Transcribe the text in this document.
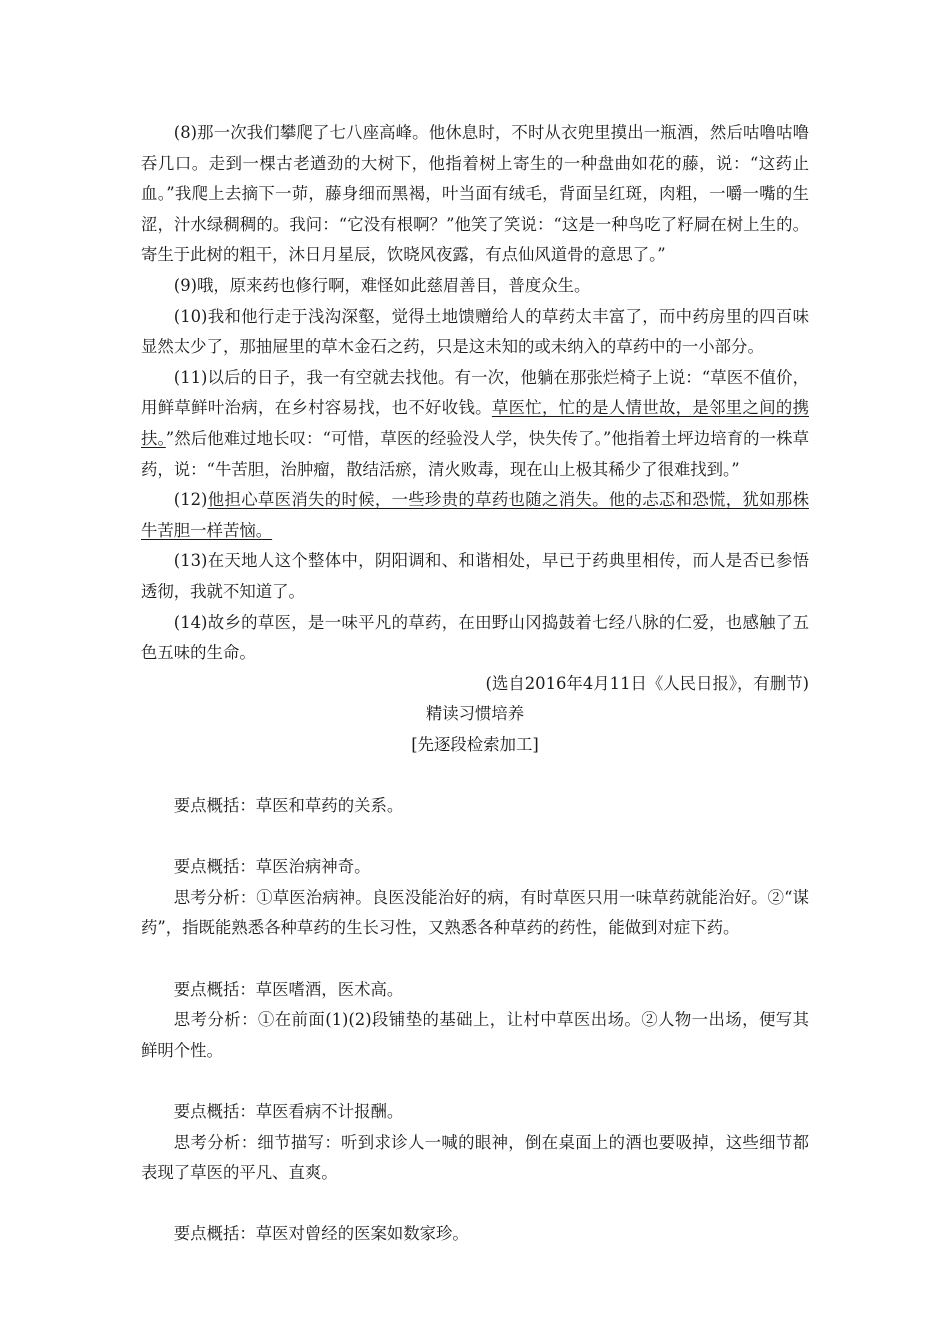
(8)那一次我们攀爬了七八座高峰。他休息时，不时从衣兜里摸出一瓶酒，然后咕噜咕噜吞几口。走到一棵古老遒劲的大树下，他指着树上寄生的一种盘曲如花的藤，说：“这药止血。”我爬上去摘下一茆，藤身细而黑褐，叶当面有绒毛，背面呈红斑，肉粗，一嚼一嘴的生涩，汁水绿稠稠的。我问：“它没有根啊？”他笑了笑说：“这是一种鸟吃了籽屙在树上生的。寄生于此树的粗干，沐日月星辰，饮晓风夜露，有点仙风道骨的意思了。”

(9)哦，原来药也修行啊，难怪如此慈眉善目，普度众生。

(10)我和他行走于浅沟深壑，觉得土地馈赠给人的草药太丰富了，而中药房里的四百味显然太少了，那抽屉里的草木金石之药，只是这未知的或未纳入的草药中的一小部分。

(11)以后的日子，我一有空就去找他。有一次，他躺在那张烂椅子上说：“草医不值价，用鲜草鲜叶治病，在乡村容易找，也不好收钱。草医忙，忙的是人情世故，是邻里之间的携扶。”然后他难过地长叹：“可惜，草医的经验没人学，快失传了。”他指着土坪边培育的一株草药，说：“牛苦胆，治肿瘤，散结活瘀，清火败毒，现在山上极其稀少了很难找到。”

(12)他担心草医消失的时候，一些珍贵的草药也随之消失。他的忐忑和恐慌，犹如那株牛苦胆一样苦恼。

(13)在天地人这个整体中，阴阳调和、和谐相处，早已于药典里相传，而人是否已参悟透彻，我就不知道了。

(14)故乡的草医，是一味平凡的草药，在田野山冈捣鼓着七经八脉的仁爱，也感触了五色五味的生命。

(选自2016年4月11日《人民日报》，有删节)

精读习惯培养

[先逐段检索加工]

要点概括：草医和草药的关系。

要点概括：草医治病神奇。

思考分析：①草医治病神。良医没能治好的病，有时草医只用一味草药就能治好。②“谋药”，指既能熟悉各种草药的生长习性，又熟悉各种草药的药性，能做到对症下药。

要点概括：草医嗜酒，医术高。

思考分析：①在前面(1)(2)段铺垫的基础上，让村中草医出场。②人物一出场，便写其鲜明个性。

要点概括：草医看病不计报酬。

思考分析：细节描写：听到求诊人一喊的眼神，倒在桌面上的酒也要吸掉，这些细节都表现了草医的平凡、直爽。

要点概括：草医对曾经的医案如数家珍。
